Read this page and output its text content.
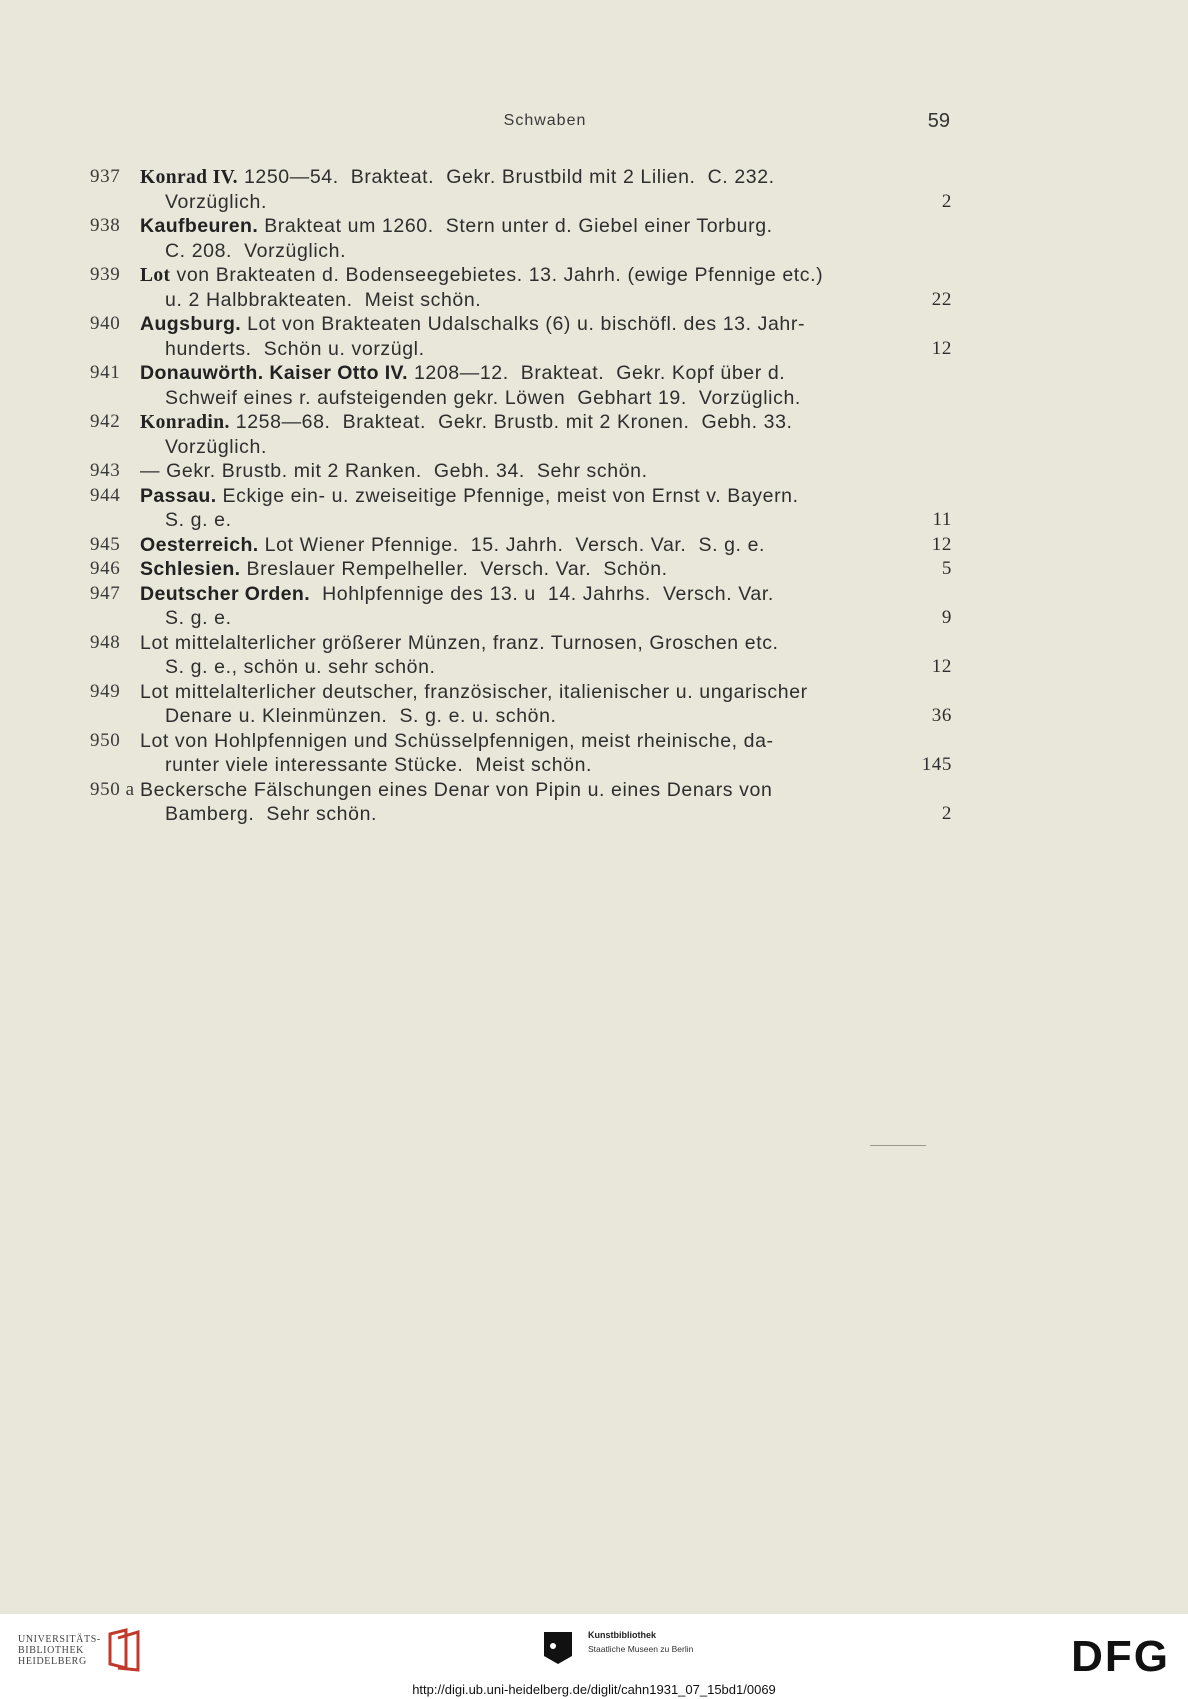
Schwaben	59
937	Konrad IV. 1250—54.  Brakteat.  Gekr. Brustbild mit 2 Lilien.  C. 232.
Vorzüglich.	2
938	Kaufbeuren. Brakteat um 1260.  Stern unter d. Giebel einer Torburg.
C. 208.  Vorzüglich.
939	Lot von Brakteaten d. Bodenseegebietes. 13. Jahrh. (ewige Pfennige etc.)
u. 2 Halbbrakteaten.  Meist schön.	22
940	Augsburg. Lot von Brakteaten Udalschalks (6) u. bischöfl. des 13. Jahr-
hunderts.  Schön u. vorzügl.	12
941	Donauwörth. Kaiser Otto IV. 1208—12.  Brakteat.  Gekr. Kopf über d.
Schweif eines r. aufsteigenden gekr. Löwen  Gebhart 19.  Vorzüglich.
942	Konradin. 1258—68.  Brakteat.  Gekr. Brustb. mit 2 Kronen.  Gebh. 33.
Vorzüglich.
943	— Gekr. Brustb. mit 2 Ranken.  Gebh. 34.  Sehr schön.
944	Passau. Eckige ein- u. zweiseitige Pfennige, meist von Ernst v. Bayern.
S. g. e.	11
945	Oesterreich. Lot Wiener Pfennige.  15. Jahrh.  Versch. Var.  S. g. e.	12
946	Schlesien. Breslauer Rempelheller.  Versch. Var.  Schön.	5
947	Deutscher Orden.  Hohlpfennige des 13. u  14. Jahrhs.  Versch. Var.
S. g. e.	9
948	Lot mittelalterlicher größerer Münzen, franz. Turnosen, Groschen etc.
S. g. e., schön u. sehr schön.	12
949	Lot mittelalterlicher deutscher, französischer, italienischer u. ungarischer
Denare u. Kleinmünzen.  S. g. e. u. schön.	36
950	Lot von Hohlpfennigen und Schüsselpfennigen, meist rheinische, da-
runter viele interessante Stücke.  Meist schön.	145
950 a Beckersche Fälschungen eines Denar von Pipin u. eines Denars von
Bamberg.  Sehr schön.	2
UNIVERSITÄTS-
BIBLIOTHEK
HEIDELBERG
Kunstbibliothek
Staatliche Museen zu Berlin	DFG
http://digi.ub.uni-heidelberg.de/diglit/cahn1931_07_15bd1/0069
